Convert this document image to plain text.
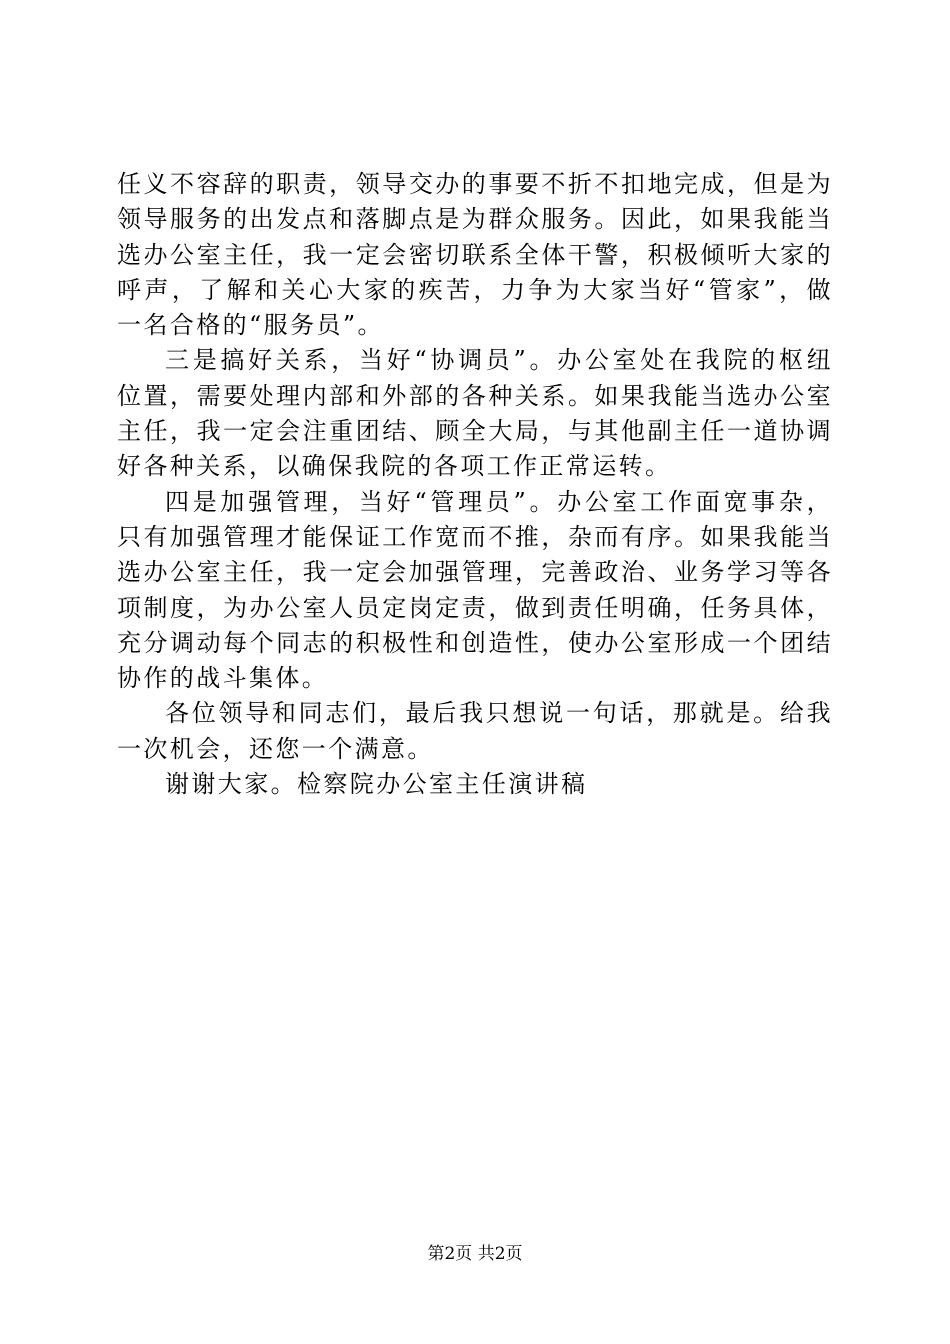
任义不容辞的职责，领导交办的事要不折不扣地完成，但是为
领导服务的出发点和落脚点是为群众服务。因此，如果我能当
选办公室主任，我一定会密切联系全体干警，积极倾听大家的
呼声，了解和关心大家的疾苦，力争为大家当好“管家”，做
一名合格的“服务员”。
三是搞好关系，当好“协调员”。办公室处在我院的枢纽
位置，需要处理内部和外部的各种关系。如果我能当选办公室
主任，我一定会注重团结、顾全大局，与其他副主任一道协调
好各种关系，以确保我院的各项工作正常运转。
四是加强管理，当好“管理员”。办公室工作面宽事杂，
只有加强管理才能保证工作宽而不推，杂而有序。如果我能当
选办公室主任，我一定会加强管理，完善政治、业务学习等各
项制度，为办公室人员定岗定责，做到责任明确，任务具体，
充分调动每个同志的积极性和创造性，使办公室形成一个团结
协作的战斗集体。
各位领导和同志们，最后我只想说一句话，那就是。给我
一次机会，还您一个满意。
谢谢大家。检察院办公室主任演讲稿
第2页 共2页
